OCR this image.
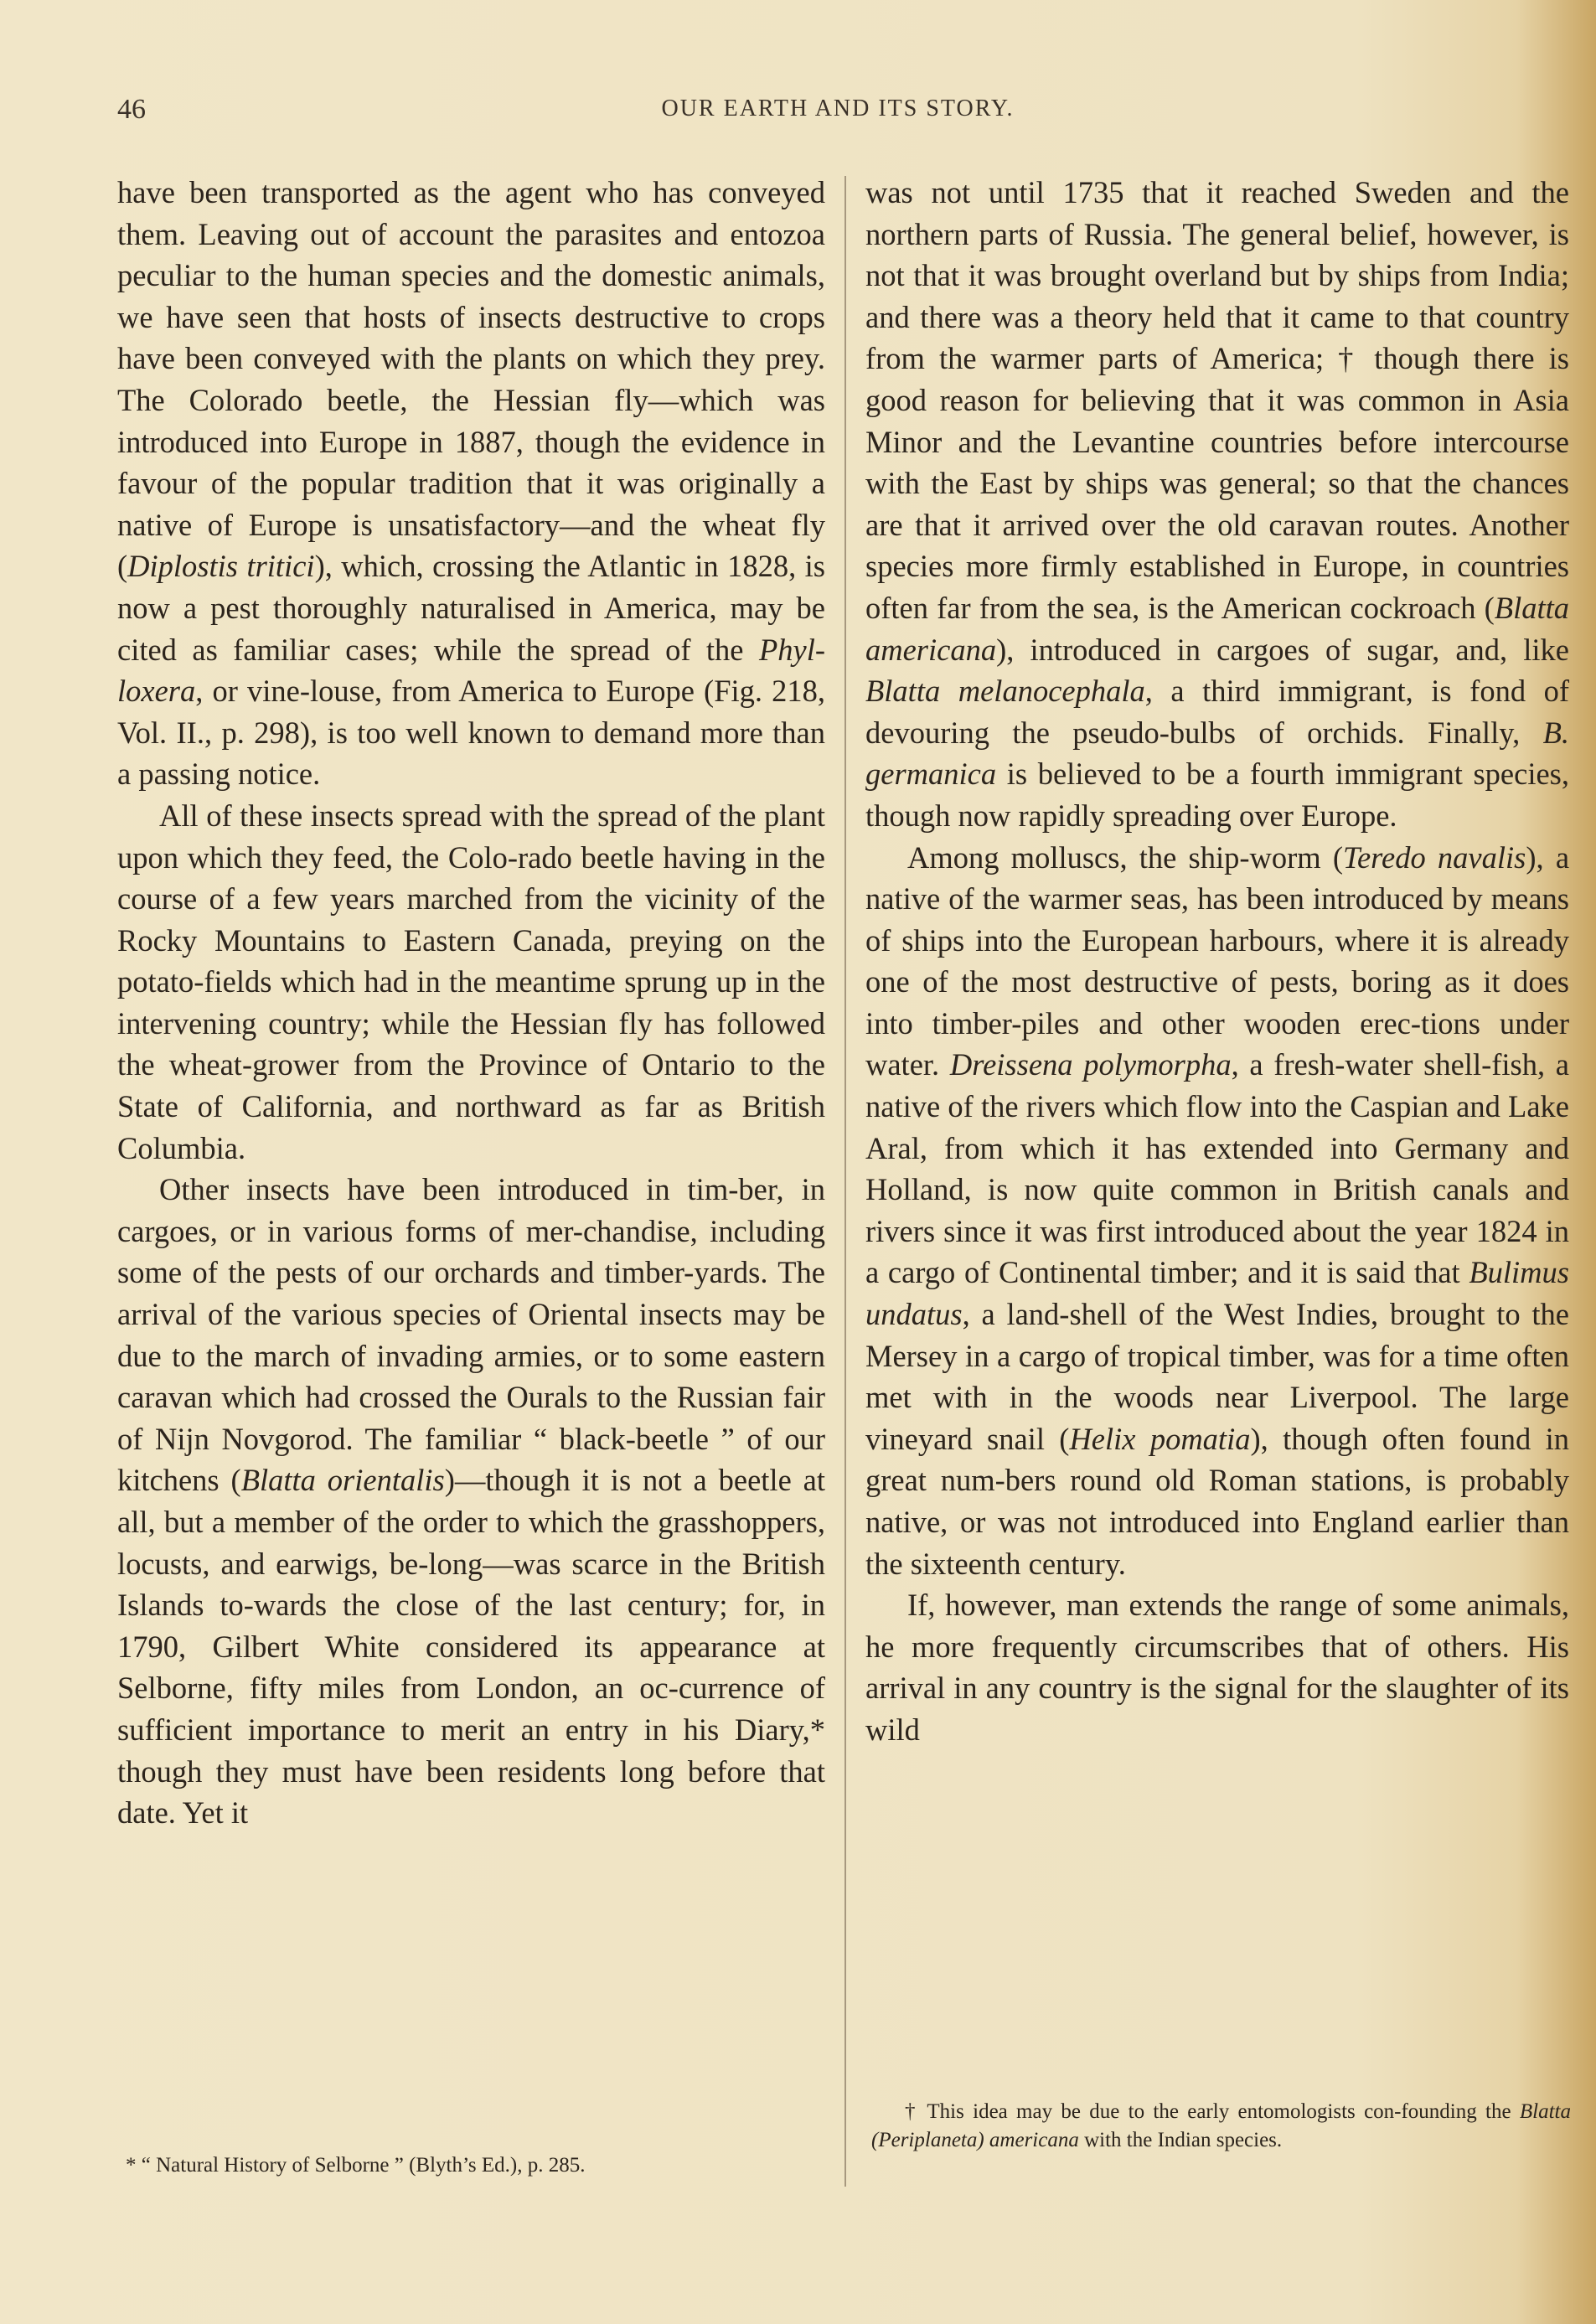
46	OUR EARTH AND ITS STORY.

have been transported as the agent who has conveyed them. Leaving out of account the parasites and entozoa peculiar to the human species and the domestic animals, we have seen that hosts of insects destructive to crops have been conveyed with the plants on which they prey. The Colorado beetle, the Hessian fly—which was introduced into Europe in 1887, though the evidence in favour of the popular tradition that it was originally a native of Europe is unsatisfactory—and the wheat fly (Diplostis tritici), which, crossing the Atlantic in 1828, is now a pest thoroughly naturalised in America, may be cited as familiar cases; while the spread of the Phyl-loxera, or vine-louse, from America to Europe (Fig. 218, Vol. II., p. 298), is too well known to demand more than a passing notice.

All of these insects spread with the spread of the plant upon which they feed, the Colo-rado beetle having in the course of a few years marched from the vicinity of the Rocky Mountains to Eastern Canada, preying on the potato-fields which had in the meantime sprung up in the intervening country; while the Hessian fly has followed the wheat-grower from the Province of Ontario to the State of California, and northward as far as British Columbia.

Other insects have been introduced in tim-ber, in cargoes, or in various forms of mer-chandise, including some of the pests of our orchards and timber-yards. The arrival of the various species of Oriental insects may be due to the march of invading armies, or to some eastern caravan which had crossed the Ourals to the Russian fair of Nijn Novgorod. The familiar “ black-beetle ” of our kitchens (Blatta orientalis)—though it is not a beetle at all, but a member of the order to which the grasshoppers, locusts, and earwigs, be-long—was scarce in the British Islands to-wards the close of the last century; for, in 1790, Gilbert White considered its appearance at Selborne, fifty miles from London, an oc-currence of sufficient importance to merit an entry in his Diary,* though they must have been residents long before that date. Yet it

* “ Natural History of Selborne ” (Blyth’s Ed.), p. 285.

was not until 1735 that it reached Sweden and the northern parts of Russia. The general belief, however, is not that it was brought overland but by ships from India; and there was a theory held that it came to that country from the warmer parts of America; † though there is good reason for believing that it was common in Asia Minor and the Levantine countries before intercourse with the East by ships was general; so that the chances are that it arrived over the old caravan routes. Another species more firmly established in Europe, in countries often far from the sea, is the American cockroach (Blatta americana), introduced in cargoes of sugar, and, like Blatta melanocephala, a third immigrant, is fond of devouring the pseudo-bulbs of orchids. Finally, B. germanica is believed to be a fourth immigrant species, though now rapidly spreading over Europe.

Among molluscs, the ship-worm (Teredo navalis), a native of the warmer seas, has been introduced by means of ships into the European harbours, where it is already one of the most destructive of pests, boring as it does into timber-piles and other wooden erec-tions under water. Dreissena polymorpha, a fresh-water shell-fish, a native of the rivers which flow into the Caspian and Lake Aral, from which it has extended into Germany and Holland, is now quite common in British canals and rivers since it was first introduced about the year 1824 in a cargo of Continental timber; and it is said that Bulimus undatus, a land-shell of the West Indies, brought to the Mersey in a cargo of tropical timber, was for a time often met with in the woods near Liverpool. The large vineyard snail (Helix pomatia), though often found in great num-bers round old Roman stations, is probably native, or was not introduced into England earlier than the sixteenth century.

If, however, man extends the range of some animals, he more frequently circumscribes that of others. His arrival in any country is the signal for the slaughter of its wild

† This idea may be due to the early entomologists con-founding the Blatta (Periplaneta) americana with the Indian species.
